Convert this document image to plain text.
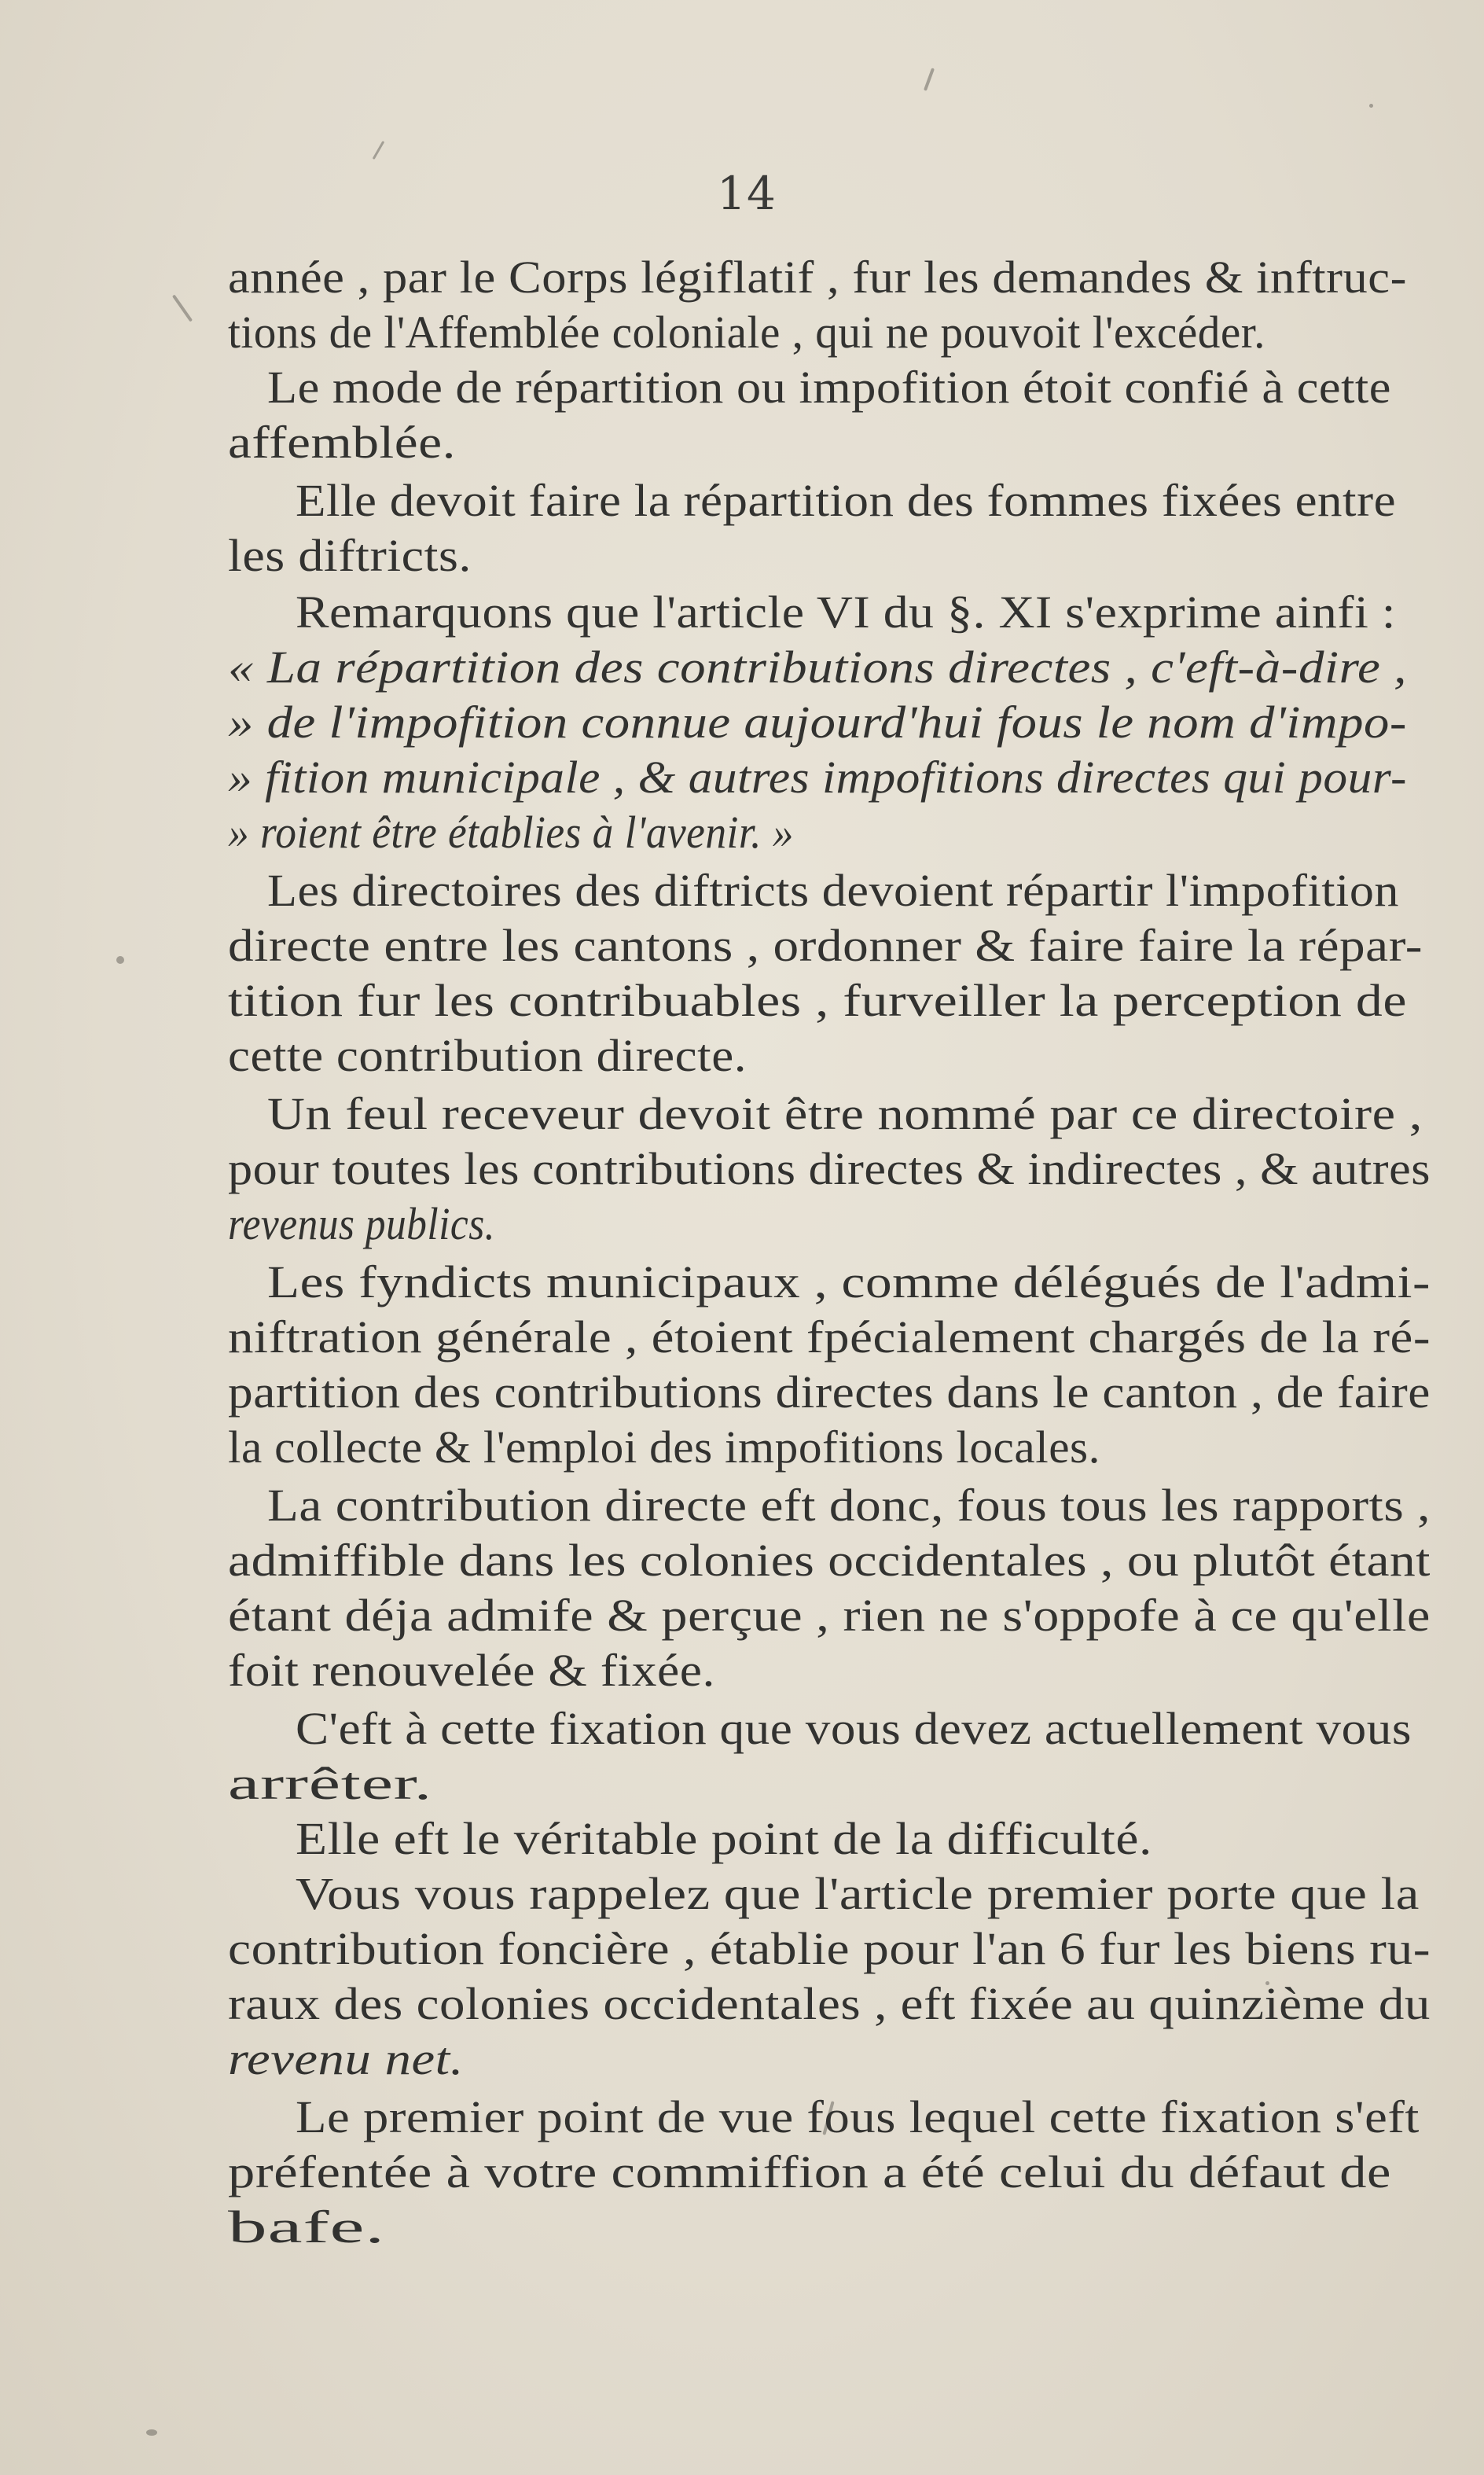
14
année , par le Corps légiflatif , fur les demandes & inftruc-
tions de l'Affemblée coloniale , qui ne pouvoit l'excéder.
Le mode de répartition ou impofition étoit confié à cette
affemblée.
Elle devoit faire la répartition des fommes fixées entre
les diftricts.
Remarquons que l'article VI du §. XI s'exprime ainfi :
« La répartition des contributions directes , c'eft-à-dire ,
» de l'impofition connue aujourd'hui fous le nom d'impo-
» fition municipale , & autres impofitions directes qui pour-
» roient être établies à l'avenir. »
Les directoires des diftricts devoient répartir l'impofition
directe entre les cantons , ordonner & faire faire la répar-
tition fur les contribuables , furveiller la perception de
cette contribution directe.
Un feul receveur devoit être nommé par ce directoire ,
pour toutes les contributions directes & indirectes , & autres
revenus publics.
Les fyndicts municipaux , comme délégués de l'admi-
niftration générale , étoient fpécialement chargés de la ré-
partition des contributions directes dans le canton , de faire
la collecte & l'emploi des impofitions locales.
La contribution directe eft donc, fous tous les rapports ,
admiffible dans les colonies occidentales , ou plutôt étant
étant déja admife & perçue , rien ne s'oppofe à ce qu'elle
foit renouvelée & fixée.
C'eft à cette fixation que vous devez actuellement vous
arrêter.
Elle eft le véritable point de la difficulté.
Vous vous rappelez que l'article premier porte que la
contribution foncière , établie pour l'an 6 fur les biens ru-
raux des colonies occidentales , eft fixée au quinzième du
revenu net.
Le premier point de vue fous lequel cette fixation s'eft
préfentée à votre commiffion a été celui du défaut de
bafe.
